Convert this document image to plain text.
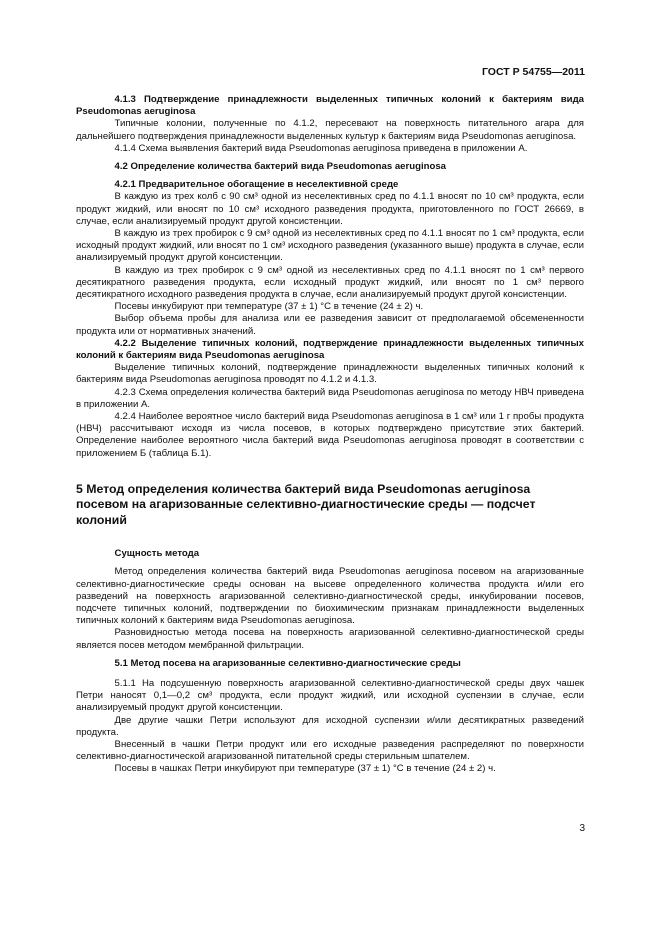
ГОСТ Р 54755—2011

4.1.3 Подтверждение принадлежности выделенных типичных колоний к бактериям вида Pseudomonas aeruginosa

Типичные колонии, полученные по 4.1.2, пересевают на поверхность питательного агара для дальнейшего подтверждения принадлежности выделенных культур к бактериям вида Pseudomonas aeruginosa.

4.1.4 Схема выявления бактерий вида Pseudomonas aeruginosa приведена в приложении А.

4.2 Определение количества бактерий вида Pseudomonas aeruginosa

4.2.1 Предварительное обогащение в неселективной среде

В каждую из трех колб с 90 см³ одной из неселективных сред по 4.1.1 вносят по 10 см³ продукта, если продукт жидкий, или вносят по 10 см³ исходного разведения продукта, приготовленного по ГОСТ 26669, в случае, если анализируемый продукт другой консистенции.

В каждую из трех пробирок с 9 см³ одной из неселективных сред по 4.1.1 вносят по 1 см³ продукта, если исходный продукт жидкий, или вносят по 1 см³ исходного разведения (указанного выше) продукта в случае, если анализируемый продукт другой консистенции.

В каждую из трех пробирок с 9 см³ одной из неселективных сред по 4.1.1 вносят по 1 см³ первого десятикратного разведения продукта, если исходный продукт жидкий, или вносят по 1 см³ первого десятикратного исходного разведения продукта в случае, если анализируемый продукт другой консистенции.

Посевы инкубируют при температуре (37 ± 1) °С в течение (24 ± 2) ч.

Выбор объема пробы для анализа или ее разведения зависит от предполагаемой обсемененности продукта или от нормативных значений.

4.2.2 Выделение типичных колоний, подтверждение принадлежности выделенных типичных колоний к бактериям вида Pseudomonas aeruginosa

Выделение типичных колоний, подтверждение принадлежности выделенных типичных колоний к бактериям вида Pseudomonas aeruginosa проводят по 4.1.2 и 4.1.3.

4.2.3 Схема определения количества бактерий вида Pseudomonas aeruginosa по методу НВЧ приведена в приложении А.

4.2.4 Наиболее вероятное число бактерий вида Pseudomonas aeruginosa в 1 см³ или 1 г пробы продукта (НВЧ) рассчитывают исходя из числа посевов, в которых подтверждено присутствие этих бактерий. Определение наиболее вероятного числа бактерий вида Pseudomonas aeruginosa проводят в соответствии с приложением Б (таблица Б.1).

5 Метод определения количества бактерий вида Pseudomonas aeruginosa посевом на агаризованные селективно-диагностические среды — подсчет колоний

Сущность метода

Метод определения количества бактерий вида Pseudomonas aeruginosa посевом на агаризованные селективно-диагностические среды основан на высеве определенного количества продукта и/или его разведений на поверхность агаризованной селективно-диагностической среды, инкубировании посевов, подсчете типичных колоний, подтверждении по биохимическим признакам принадлежности выделенных типичных колоний к бактериям вида Pseudomonas aeruginosa.

Разновидностью метода посева на поверхность агаризованной селективно-диагностической среды является посев методом мембранной фильтрации.

5.1 Метод посева на агаризованные селективно-диагностические среды

5.1.1 На подсушенную поверхность агаризованной селективно-диагностической среды двух чашек Петри наносят 0,1—0,2 см³ продукта, если продукт жидкий, или исходной суспензии в случае, если анализируемый продукт другой консистенции.

Две другие чашки Петри используют для исходной суспензии и/или десятикратных разведений продукта.

Внесенный в чашки Петри продукт или его исходные разведения распределяют по поверхности селективно-диагностической агаризованной питательной среды стерильным шпателем.

Посевы в чашках Петри инкубируют при температуре (37 ± 1) °С в течение (24 ± 2) ч.

3
